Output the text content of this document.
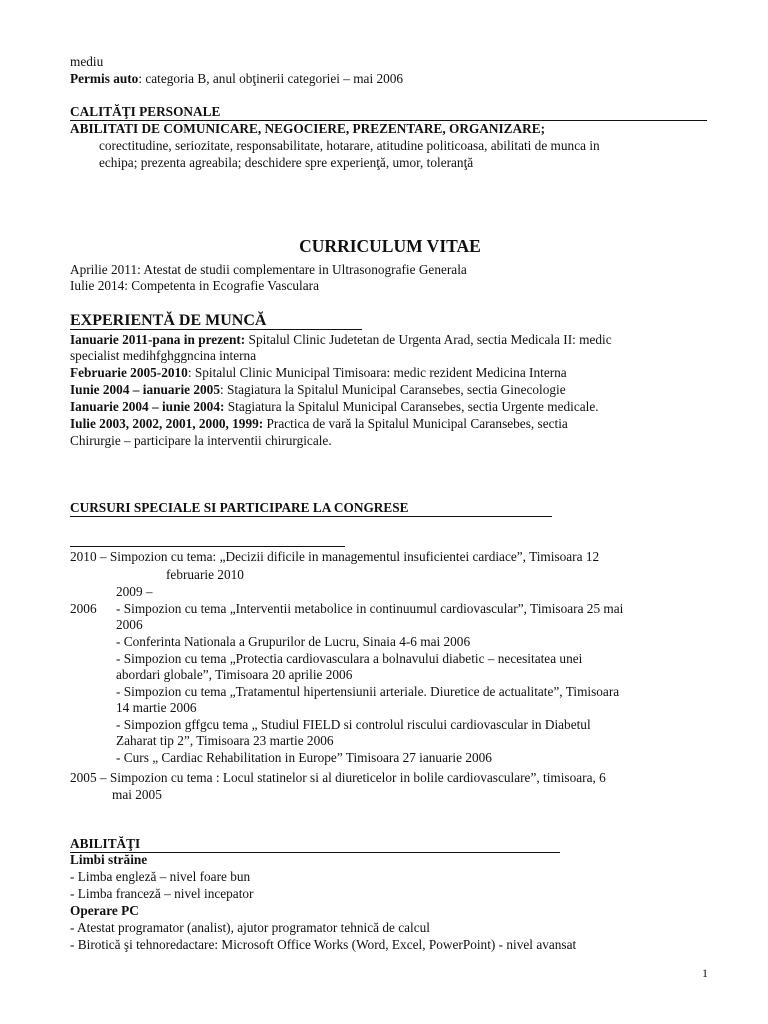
mediu
Permis auto: categoria B, anul obţinerii categoriei – mai 2006
CALITĂŢI PERSONALE
ABILITATI DE COMUNICARE, NEGOCIERE, PREZENTARE, ORGANIZARE;
corectitudine, seriozitate, responsabilitate, hotarare, atitudine politicoasa, abilitati de munca in
echipa; prezenta agreabila; deschidere spre experienţă, umor, toleranţă
CURRICULUM VITAE
Aprilie 2011: Atestat de studii complementare in Ultrasonografie Generala
Iulie 2014: Competenta in Ecografie Vasculara
EXPERIENTĂ DE MUNCĂ
Ianuarie 2011-pana in prezent: Spitalul Clinic Judetetan de Urgenta Arad, sectia Medicala II: medic
specialist medihfghggncina interna
Februarie 2005-2010: Spitalul Clinic Municipal Timisoara: medic rezident Medicina Interna
Iunie 2004 – ianuarie 2005: Stagiatura la Spitalul Municipal Caransebes, sectia Ginecologie
Ianuarie 2004 – iunie 2004: Stagiatura la Spitalul Municipal Caransebes, sectia Urgente medicale.
Iulie 2003, 2002, 2001, 2000, 1999: Practica de vară la Spitalul Municipal Caransebes, sectia
Chirurgie – participare la interventii chirurgicale.
CURSURI SPECIALE SI PARTICIPARE LA CONGRESE
2010 – Simpozion cu tema: „Decizii dificile in managementul insuficientei cardiace”, Timisoara 12
februarie 2010
2009 –
2006 - Simpozion cu tema „Interventii metabolice in continuumul cardiovascular”, Timisoara 25 mai
2006
- Conferinta Nationala a Grupurilor de Lucru, Sinaia 4-6 mai 2006
- Simpozion cu tema „Protectia cardiovasculara a bolnavului diabetic – necesitatea unei
abordari globale”, Timisoara 20 aprilie 2006
- Simpozion cu tema „Tratamentul hipertensiunii arteriale. Diuretice de actualitate”, Timisoara
14 martie 2006
- Simpozion gffgcu tema „ Studiul FIELD si controlul riscului cardiovascular in Diabetul
Zaharat tip 2”, Timisoara 23 martie 2006
- Curs „ Cardiac Rehabilitation in Europe” Timisoara 27 ianuarie 2006
2005 – Simpozion cu tema : Locul statinelor si al diureticelor in bolile cardiovasculare”, timisoara, 6
mai 2005
ABILITĂŢI
Limbi străine
- Limba engleză – nivel foare bun
- Limba franceză – nivel incepator
Operare PC
- Atestat programator (analist), ajutor programator tehnică de calcul
- Birotică şi tehnoredactare: Microsoft Office Works (Word, Excel, PowerPoint) - nivel avansat
1
